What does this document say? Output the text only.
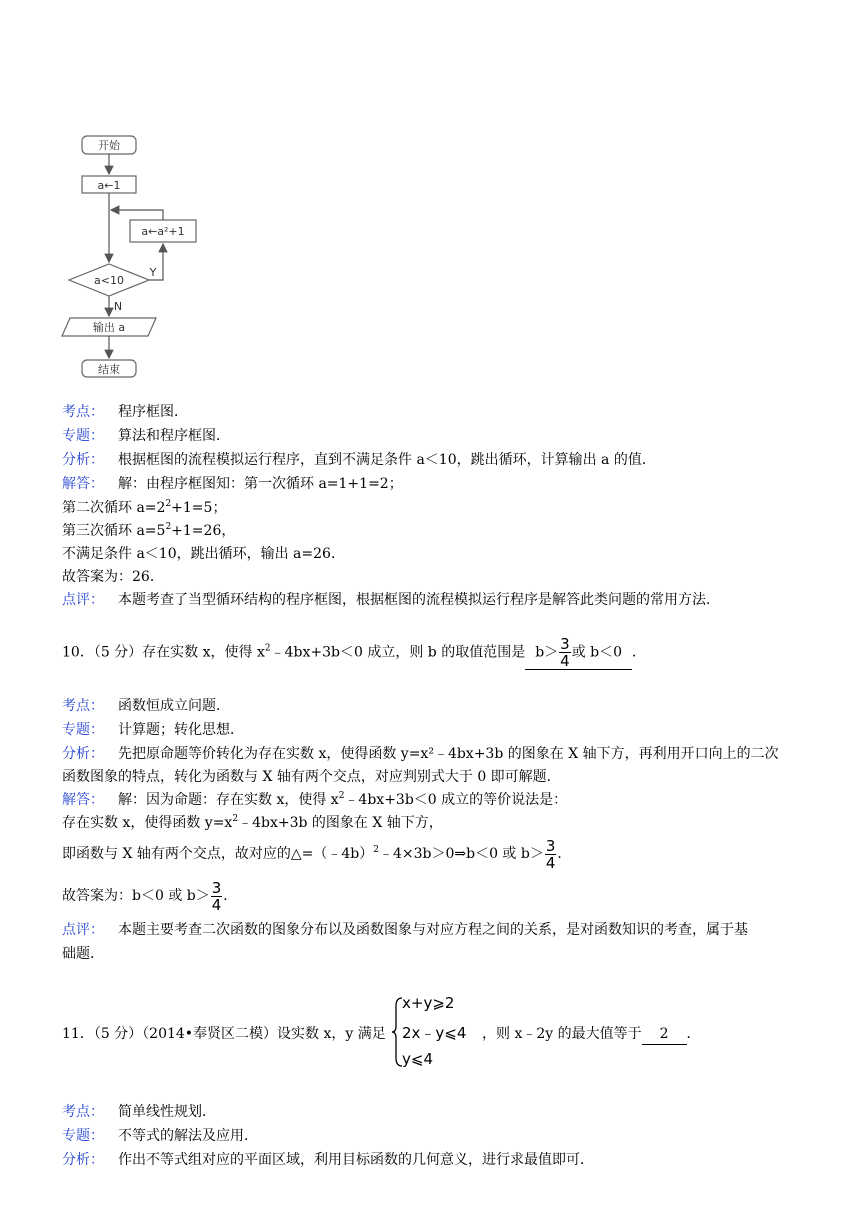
开始
a←1
a←a²+1
a<10
Y
N
输出 a
结束
考点： 程序框图．
专题： 算法和程序框图．
分析： 根据框图的流程模拟运行程序，直到不满足条件 a＜10，跳出循环，计算输出 a 的值．
解答： 解：由程序框图知：第一次循环 a=1+1=2；
第二次循环 $a=2^2+1=5$；
第三次循环 $a=5^2+1=26$，
不满足条件 a＜10，跳出循环，输出 a=26．
故答案为：26．
点评： 本题考查了当型循环结构的程序框图，根据框图的流程模拟运行程序是解答此类问题的常用方法．
10．（5 分）存在实数 x，使得 $x^2﹣4bx+3b<0$ 成立，则 b 的取值范围是 $b> \frac{3}{4}$ 或 b＜0 ．
考点： 函数恒成立问题．
专题： 计算题；转化思想．
分析： 先把原命题等价转化为存在实数 x，使得函数 y=x²﹣4bx+3b 的图象在 X 轴下方，再利用开口向上的二次
函数图象的特点，转化为函数与 X 轴有两个交点，对应判别式大于 0 即可解题．
解答： 解：因为命题：存在实数 x，使得 $x^2﹣4bx+3b<0$ 成立的等价说法是：
存在实数 x，使得函数 $y=x^2﹣4bx+3b$ 的图象在 X 轴下方，
即函数与 X 轴有两个交点，故对应的△=（﹣4b）$^2$﹣4×3b＞0⇒b＜0 或 $b> \frac{3}{4}$ ．
故答案为：b＜0 或 $b> \frac{3}{4}$ ．
点评： 本题主要考查二次函数的图象分布以及函数图象与对应方程之间的关系，是对函数知识的考查，属于基
础题．
11．（5 分）（2014•奉贤区二模）设实数 x，y 满足
x+y⩾2
2x﹣y⩽4
y⩽4
，则 x﹣2y 的最大值等于 2 ．
考点： 简单线性规划．
专题： 不等式的解法及应用．
分析： 作出不等式组对应的平面区域，利用目标函数的几何意义，进行求最值即可．
